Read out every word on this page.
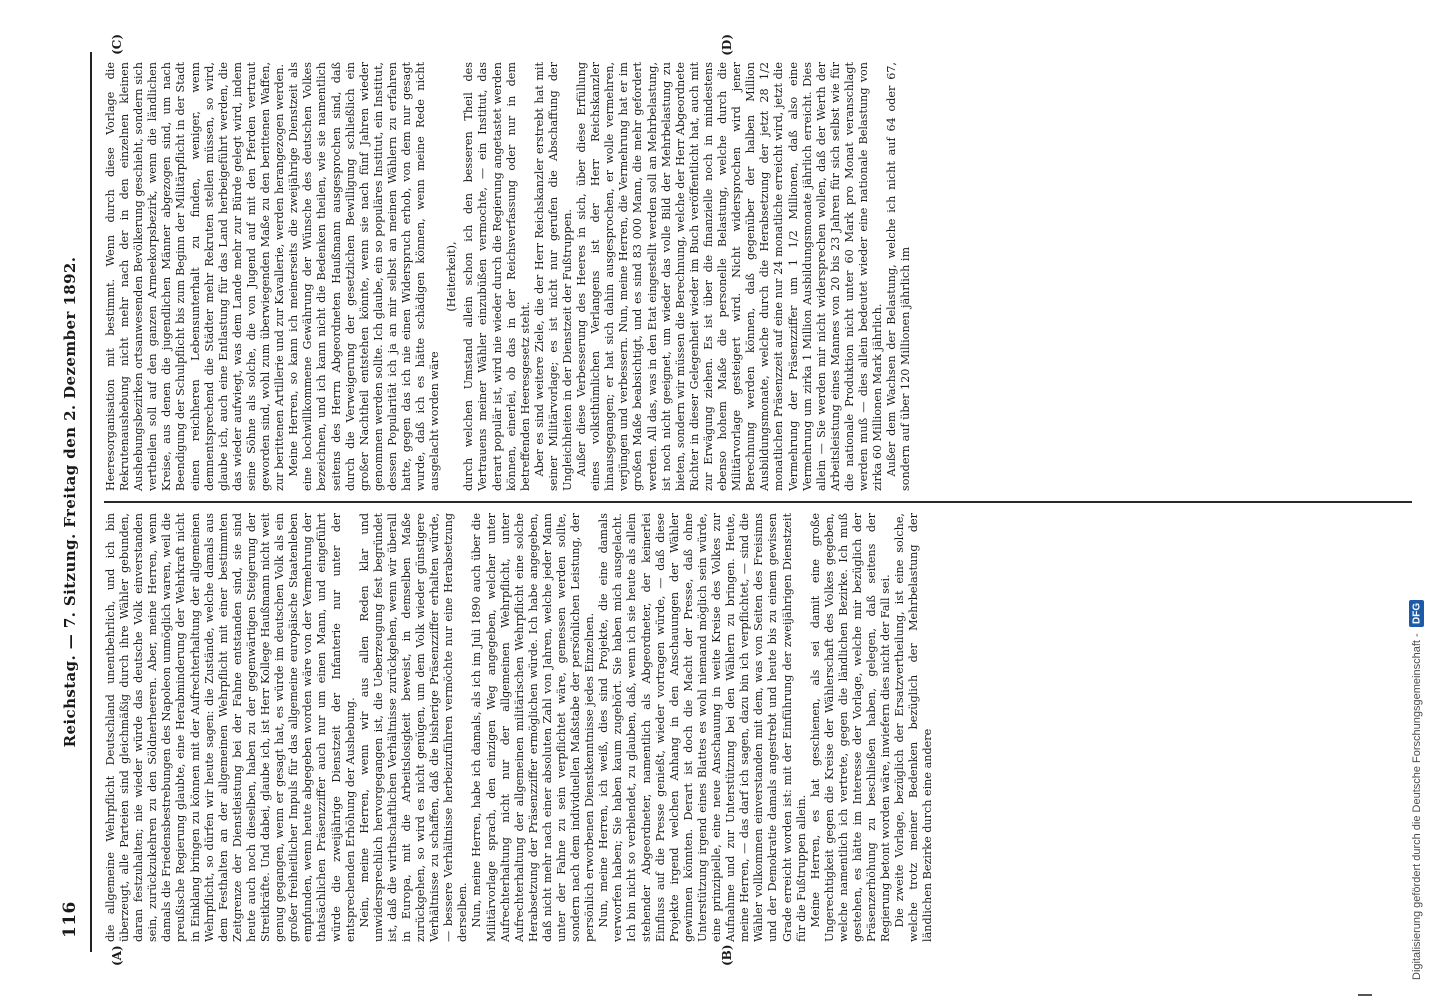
116
Reichstag. — 7. Sitzung. Freitag den 2. Dezember 1892.
(A)	(B)
(C)	(D)

die allgemeine Wehrpflicht Deutschland unentbehrlich, und ich bin überzeugt, alle Parteien sind gleichmäßig durch ihre Wähler gebunden, daran festzuhalten; nie wieder würde das deutsche Volk einverstanden sein, zurückzukehren zu den Söldnerheeren. Aber, meine Herren, wenn damals die Friedensbestrebungen des Napoleon unmöglich waren, weil die preußische Regierung glaubte, eine Herabminderung der Wehrkraft nicht in Einklang bringen zu können mit der Aufrechterhaltung der allgemeinen Wehrpflicht, so dürfen wir heute sagen: die Zustände, welche damals aus dem Festhalten an der allgemeinen Wehrpflicht mit einer bestimmten Zeitgrenze der Dienstleistung bei der Fahne entstanden sind, sie sind heute auch noch dieselben, haben zu der gegenwärtigen Steigerung der Streitkräfte. Und dabei, glaube ich, ist Herr Kollege Haußmann nicht weit genug gegangen, wenn er gesagt hat, es würde im deutschen Volk als ein großer freiheitlicher Impuls für das allgemeine europäische Staatenleben empfunden, wenn heute abgegeben worden wäre von der Vermehrung der thatsächlichen Präsenzziffer auch nur um einen Mann, und eingeführt würde die zweijährige Dienstzeit der Infanterie nur unter der entsprechenden Erhöhung der Aushebung. Nein, meine Herren, wenn wir aus allen Reden klar und unwidersprechlich hervorgegangen ist, die Ueberzeugung fest begründet ist, daß die wirthschaftlichen Verhältnisse zurückgehen, wenn wir überall in Europa, mit die Arbeitslosigkeit beweist, in demselben Maße zurückgehen, so wird es nicht genügen, um dem Volk wieder günstigere Verhältnisse zu schaffen, daß die bisherige Präsenzziffer erhalten würde, — bessere Verhältnisse herbeizuführen vermöchte nur eine Herabsetzung derselben. Nun, meine Herren, habe ich damals, als ich im Juli 1890 auch über die Militärvorlage sprach, den einzigen Weg angegeben, welcher unter Aufrechterhaltung nicht nur der allgemeinen Wehrpflicht, unter Aufrechterhaltung der allgemeinen militärischen Wehrpflicht eine solche Herabsetzung der Präsenzziffer ermöglichen würde. Ich habe angegeben, daß nicht mehr nach einer absoluten Zahl von Jahren, welche jeder Mann unter der Fahne zu sein verpflichtet wäre, gemessen werden sollte, sondern nach dem individuellen Maßstabe der persönlichen Leistung, der persönlich erworbenen Dienstkenntnisse jedes Einzelnen. Nun, meine Herren, ich weiß, dies sind Projekte, die eine damals verworfen haben; Sie haben kaum zugehört. Sie haben mich ausgelacht. Ich bin nicht so verblendet, zu glauben, daß, wenn ich sie heute als allein stehender Abgeordneter, namentlich als Abgeordneter, der keinerlei Einfluss auf die Presse genießt, wieder vortragen würde, — daß diese Projekte irgend welchen Anhang in den Anschauungen der Wähler gewinnen könnten. Derart ist doch die Macht der Presse, daß ohne Unterstützung irgend eines Blattes es wohl niemand möglich sein würde, eine prinzipielle, eine neue Anschauung in weite Kreise des Volkes zur Aufnahme und zur Unterstützung bei den Wählern zu bringen. Heute, meine Herren, — das darf ich sagen, dazu bin ich verpflichtet, — sind die Wähler vollkommen einverstanden mit dem, was von Seiten des Freisinns und der Demokratie damals angestrebt und heute bis zu einem gewissen Grade erreicht worden ist: mit der Einführung der zweijährigen Dienstzeit für die Fußtruppen allein. Meine Herren, es hat geschienen, als sei damit eine große Ungerechtigkeit gegen die Kreise der Wählerschaft des Volkes gegeben, welche namentlich ich vertrete, gegen die ländlichen Bezirke. Ich muß gestehen, es hätte im Interesse der Vorlage, welche mir bezüglich der Präsenzerhöhung zu beschließen haben, gelegen, daß seitens der Regierung betont worden wäre, inwiefern dies nicht der Fall sei. Die zweite Vorlage, bezüglich der Ersatzvertheilung, ist eine solche, welche trotz meiner Bedenken bezüglich der Mehrbelastung der ländlichen Bezirke durch eine andere

Heeresorganisation mit bestimmt. Wenn durch diese Vorlage die Rekrutenaushebung nicht mehr nach der in den einzelnen kleinen Aushebungsbezirken ortsanwesenden Bevölkerung geschieht, sondern sich vertheilen soll auf den ganzen Armeekorpsbezirk, wenn die ländlichen Kreise, aus denen die jugendlichen Männer abgezogen sind, um nach Beendigung der Schulpflicht bis zum Beginn der Militärpflicht in der Stadt einen reichheren Lebensunterhalt zu finden, weniger, wenn demnentsprechend die Städter mehr Rekruten stellen müssen, so wird, glaube ich, auch eine Entlastung für das Land herbeigeführt werden, die das wieder aufwiegt, was dem Lande mehr zur Bürde gelegt wird, indem seine Söhne als solche, die von Jugend auf mit den Pferden vertraut geworden sind, wohl zum überwiegenden Maße zu den berittenen Waffen, zur berittenen Artillerie und zur Kavallerie, werden herangezogen werden. Meine Herren, so kann ich meinerseits die zweijährige Dienstzeit als eine hochwillkommene Gewährung der Wünsche des deutschen Volkes bezeichnen, und ich kann nicht die Bedenken theilen, wie sie namentlich seitens des Herrn Abgeordneten Haußmann ausgesprochen sind, daß durch die Verweigerung der gesetzlichen Bewilligung schließlich ein großer Nachtheil entstehen könnte, wenn sie nach fünf Jahren wieder genommen werden sollte. Ich glaube, ein so populäres Institut, ein Institut, dessen Popularität ich ja an mir selbst an meinen Wählern zu erfahren hatte, gegen das ich nie einen Widerspruch erhob, von dem nur gesagt wurde, daß ich es hätte schädigen können, wenn meine Rede nicht ausgelacht worden wäre

(Heiterkeit), durch welchen Umstand allein schon ich den besseren Theil des Vertrauens meiner Wähler einzubüßen vermochte, — ein Institut, das derart populär ist, wird nie wieder durch die Regierung angetastet werden können, einerlei, ob das in der Reichsverfassung oder nur in dem betreffenden Heeresgesetz steht. Aber es sind weitere Ziele, die der Herr Reichskanzler erstrebt hat mit seiner Militärvorlage; es ist nicht nur gerufen die Abschaffung der Ungleichheiten in der Dienstzeit der Fußtruppen. Außer diese Verbesserung des Heeres in sich, über diese Erfüllung eines volksthümlichen Verlangens ist der Herr Reichskanzler hinausgegangen; er hat sich dahin ausgesprochen, er wolle vermehren, verjüngen und verbessern. Nun, meine Herren, die Vermehrung hat er im großen Maße beabsichtigt, und es sind 83 000 Mann, die mehr gefordert werden. All das, was in den Etat eingestellt werden soll an Mehrbelastung, ist noch nicht geeignet, um wieder das volle Bild der Mehrbelastung zu bieten, sondern wir müssen die Berechnung, welche der Herr Abgeordnete Richter in dieser Gelegenheit wieder im Buch veröffentlicht hat, auch mit zur Erwägung ziehen. Es ist über die finanzielle noch in mindestens ebenso hohem Maße die personelle Belastung, welche durch die Militärvorlage gesteigert wird. Nicht widersprochen wird jener Berechnung werden können, daß gegenüber der halben Million Ausbildungsmonate, welche durch die Herabsetzung der jetzt 28 1/2 monatlichen Präsenzzeit auf eine nur 24 monatliche erreicht wird, jetzt die Vermehrung der Präsenzziffer um 1 1/2 Millionen, daß also eine Vermehrung um zirka 1 Million Ausbildungsmonate jährlich erreicht. Dies allein — Sie werden mir nicht widersprechen wollen, daß der Werth der Arbeitsleistung eines Mannes von 20 bis 23 Jahren für sich selbst wie für die nationale Produktion nicht unter 60 Mark pro Monat veranschlagt werden muß — dies allein bedeutet wieder eine nationale Belastung von zirka 60 Millionen Mark jährlich. Außer dem Wachsen der Belastung, welche ich nicht auf 64 oder 67, sondern auf über 120 Millionen jährlich im

Digitalisierung gefördert durch die Deutsche Forschungsgemeinschaft -
DFG
